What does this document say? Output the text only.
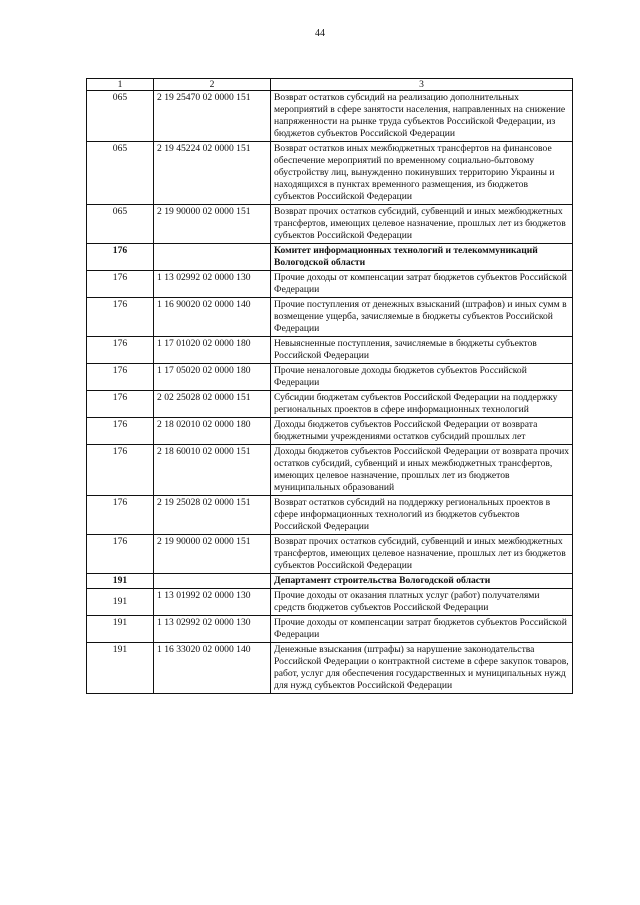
44
1	2	3
065	2 19 25470 02 0000 151	Возврат остатков субсидий на реализацию дополнительных мероприятий в сфере занятости населения, направленных на снижение напряженности на рынке труда субъектов Российской Федерации, из бюджетов субъектов Российской Федерации
065	2 19 45224 02 0000 151	Возврат остатков иных межбюджетных трансфертов на финансовое обеспечение мероприятий по временному социально-бытовому обустройству лиц, вынужденно покинувших территорию Украины и находящихся в пунктах временного размещения, из бюджетов субъектов Российской Федерации
065	2 19 90000 02 0000 151	Возврат прочих остатков субсидий, субвенций и иных межбюджетных трансфертов, имеющих целевое назначение, прошлых лет из бюджетов субъектов Российской Федерации
176		Комитет информационных технологий и телекоммуникаций Вологодской области
176	1 13 02992 02 0000 130	Прочие доходы от компенсации затрат бюджетов субъектов Российской Федерации
176	1 16 90020 02 0000 140	Прочие поступления от денежных взысканий (штрафов) и иных сумм в возмещение ущерба, зачисляемые в бюджеты субъектов Российской Федерации
176	1 17 01020 02 0000 180	Невыясненные поступления, зачисляемые в бюджеты субъектов Российской Федерации
176	1 17 05020 02 0000 180	Прочие неналоговые доходы бюджетов субъектов Российской Федерации
176	2 02 25028 02 0000 151	Субсидии бюджетам субъектов Российской Федерации на поддержку региональных проектов в сфере информационных технологий
176	2 18 02010 02 0000 180	Доходы бюджетов субъектов Российской Федерации от возврата бюджетными учреждениями остатков субсидий прошлых лет
176	2 18 60010 02 0000 151	Доходы бюджетов субъектов Российской Федерации от возврата прочих остатков субсидий, субвенций и иных межбюджетных трансфертов, имеющих целевое назначение, прошлых лет из бюджетов муниципальных образований
176	2 19 25028 02 0000 151	Возврат остатков субсидий на поддержку региональных проектов в сфере информационных технологий из бюджетов субъектов Российской Федерации
176	2 19 90000 02 0000 151	Возврат прочих остатков субсидий, субвенций и иных межбюджетных трансфертов, имеющих целевое назначение, прошлых лет из бюджетов субъектов Российской Федерации
191		Департамент строительства Вологодской области
191	1 13 01992 02 0000 130	Прочие доходы от оказания платных услуг (работ) получателями средств бюджетов субъектов Российской Федерации
191	1 13 02992 02 0000 130	Прочие доходы от компенсации затрат бюджетов субъектов Российской Федерации
191	1 16 33020 02 0000 140	Денежные взыскания (штрафы) за нарушение законодательства Российской Федерации о контрактной системе в сфере закупок товаров, работ, услуг для обеспечения государственных и муниципальных нужд для нужд субъектов Российской Федерации
